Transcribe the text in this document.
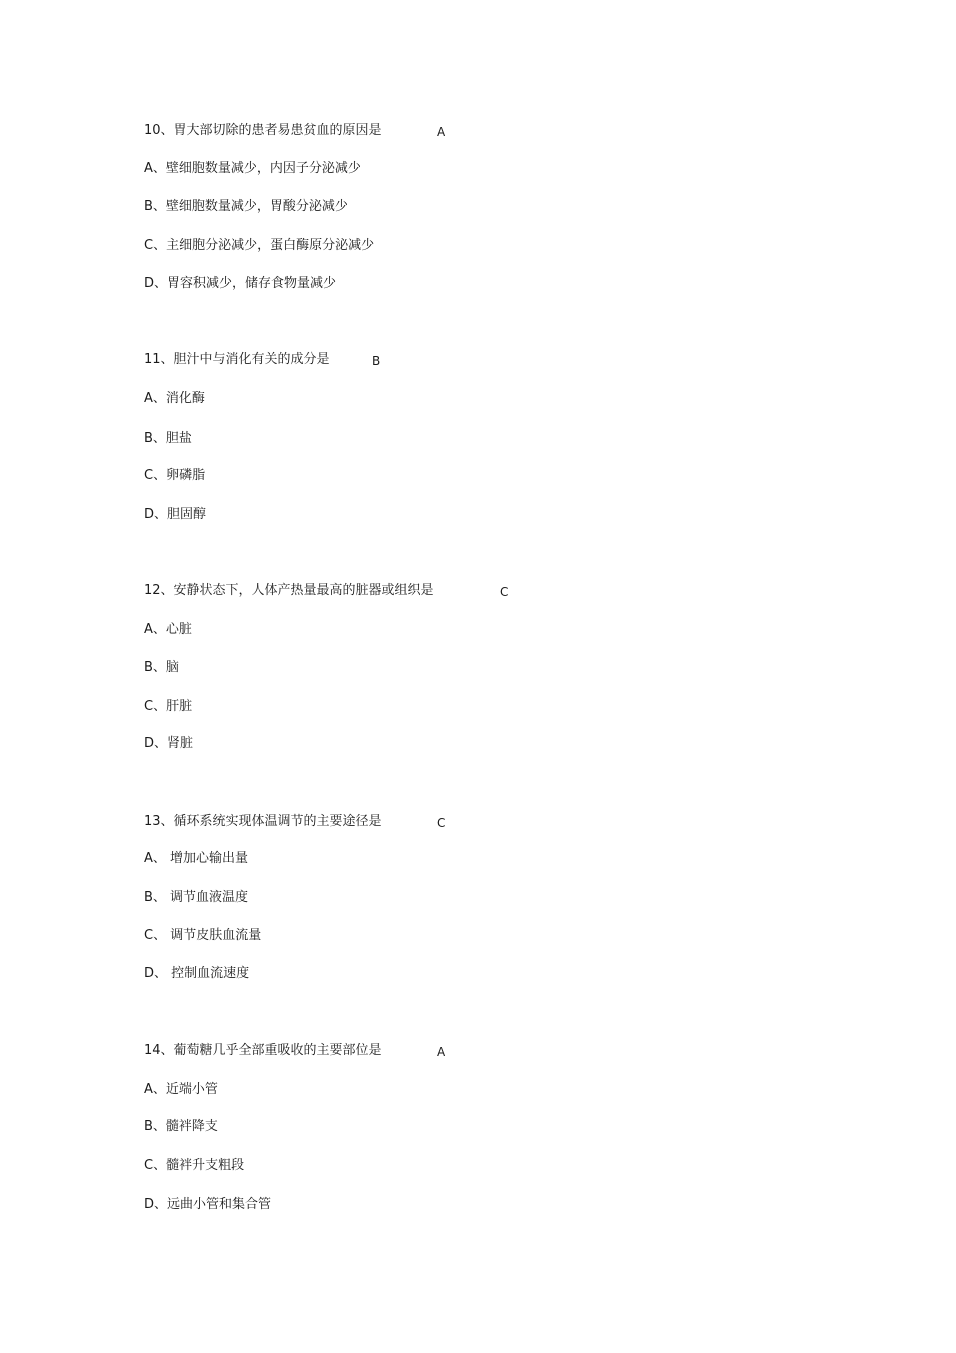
10、胃大部切除的患者易患贫血的原因是	A
A、壁细胞数量减少，内因子分泌减少
B、壁细胞数量减少，胃酸分泌减少
C、主细胞分泌减少，蛋白酶原分泌减少
D、胃容积减少，储存食物量减少
11、胆汁中与消化有关的成分是	B
A、消化酶
B、胆盐
C、卵磷脂
D、胆固醇
12、安静状态下，人体产热量最高的脏器或组织是	C
A、心脏
B、脑
C、肝脏
D、肾脏
13、循环系统实现体温调节的主要途径是	C
A、 增加心输出量
B、 调节血液温度
C、 调节皮肤血流量
D、 控制血流速度
14、葡萄糖几乎全部重吸收的主要部位是	A
A、近端小管
B、髓袢降支
C、髓袢升支粗段
D、远曲小管和集合管
